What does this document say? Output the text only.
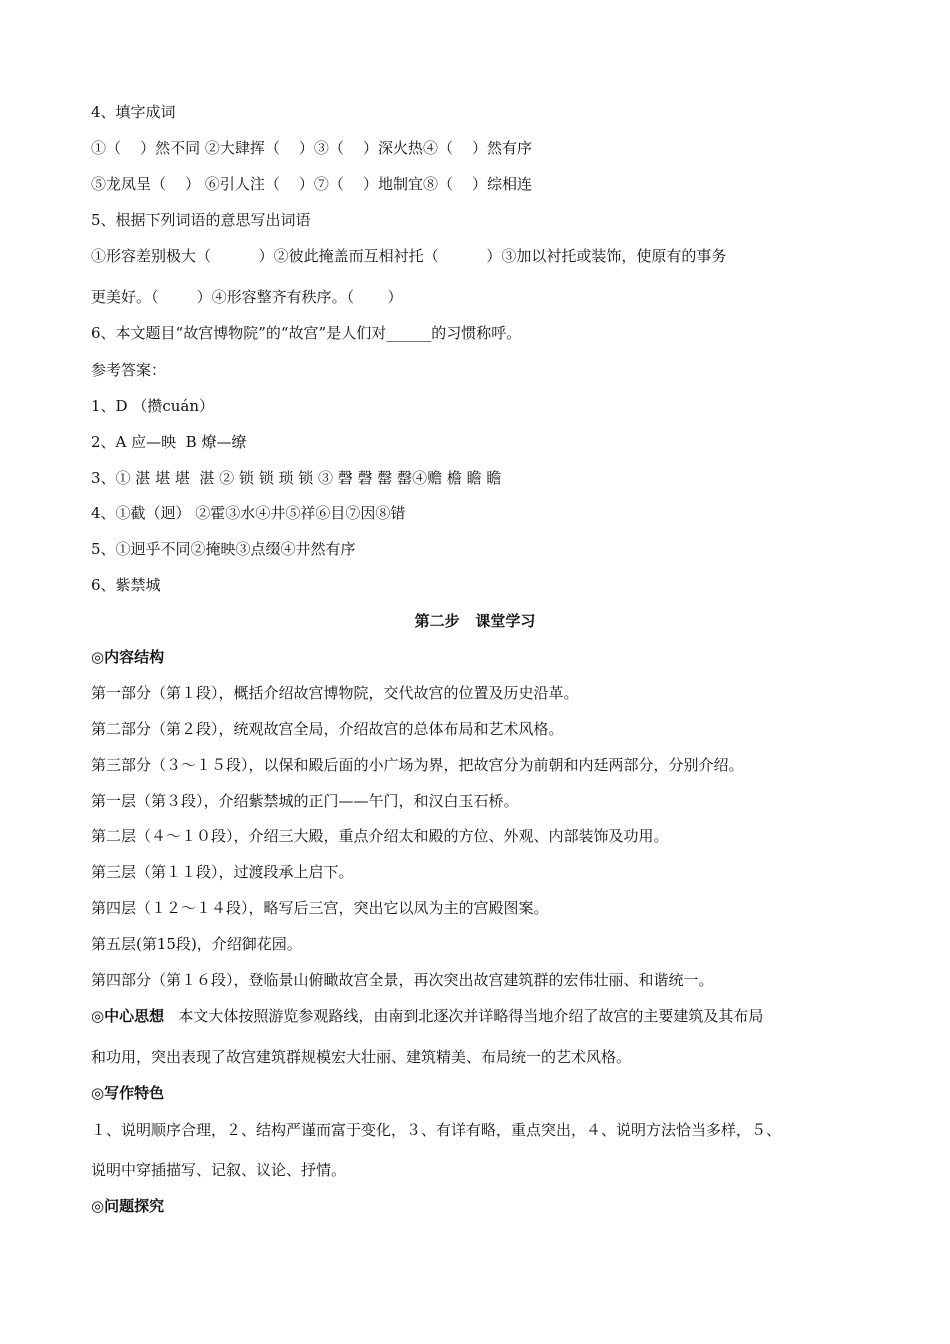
4、填字成词
①（    ）然不同 ②大肆挥（    ）③（    ）深火热④（    ）然有序
⑤龙凤呈（    ） ⑥引人注（    ）⑦（    ）地制宜⑧（    ）综相连
5、根据下列词语的意思写出词语
①形容差别极大（          ）②彼此掩盖而互相衬托（          ）③加以衬托或装饰，使原有的事务
更美好。（        ）④形容整齐有秩序。（       ）
6、本文题目“故宫博物院”的“故宫”是人们对______的习惯称呼。
参考答案：
1、D （攒cuán）
2、A 应—映  B 燎—缭
3、① 湛 堪 堪  湛 ② 锁 锁 琐 锁 ③ 磬 磬 罄 罄④赡 檐 瞻 瞻
4、①截（迥） ②霍③水④井⑤祥⑥目⑦因⑧错
5、①迥乎不同②掩映③点缀④井然有序
6、紫禁城
第二步   课堂学习
◎内容结构
第一部分（第１段），概括介绍故宫博物院，交代故宫的位置及历史沿革。
第二部分（第２段），统观故宫全局，介绍故宫的总体布局和艺术风格。
第三部分（３～１５段），以保和殿后面的小广场为界，把故宫分为前朝和内廷两部分，分别介绍。
第一层（第３段），介绍紫禁城的正门——午门，和汉白玉石桥。
第二层（４～１０段），介绍三大殿，重点介绍太和殿的方位、外观、内部装饰及功用。
第三层（第１１段），过渡段承上启下。
第四层（１２～１４段），略写后三宫，突出它以凤为主的宫殿图案。
第五层(第15段)，介绍御花园。
第四部分（第１６段），登临景山俯瞰故宫全景，再次突出故宫建筑群的宏伟壮丽、和谐统一。
◎中心思想   本文大体按照游览参观路线，由南到北逐次并详略得当地介绍了故宫的主要建筑及其布局
和功用，突出表现了故宫建筑群规模宏大壮丽、建筑精美、布局统一的艺术风格。
◎写作特色
１、说明顺序合理，２、结构严谨而富于变化，３、有详有略，重点突出，４、说明方法恰当多样，５、
说明中穿插描写、记叙、议论、抒情。
◎问题探究
